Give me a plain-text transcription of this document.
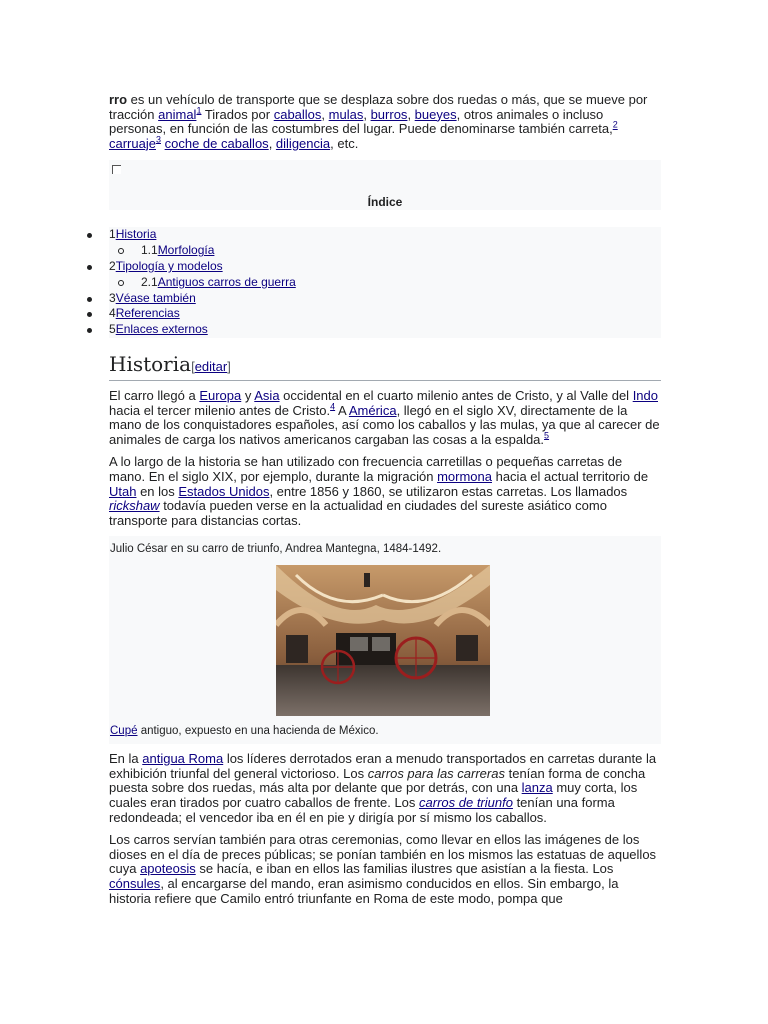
rro es un vehículo de transporte que se desplaza sobre dos ruedas o más, que se mueve por tracción animal$^1$ Tirados por caballos, mulas, burros, bueyes, otros animales o incluso personas, en función de las costumbres del lugar. Puede denominarse también carreta,$^2$
carruaje$^3$ coche de caballos, diligencia, etc.

Índice
1Historia
1.1Morfología
2Tipología y modelos
2.1Antiguos carros de guerra
3Véase también
4Referencias
5Enlaces externos
Historia[editar]

El carro llegó a Europa y Asia occidental en el cuarto milenio antes de Cristo, y al Valle del Indo hacia el tercer milenio antes de Cristo.$^4$ A América, llegó en el siglo XV, directamente de la mano de los conquistadores españoles, así como los caballos y las mulas, ya que al carecer de animales de carga los nativos americanos cargaban las cosas a la espalda.$^5$

A lo largo de la historia se han utilizado con frecuencia carretillas o pequeñas carretas de mano. En el siglo XIX, por ejemplo, durante la migración mormona hacia el actual territorio de Utah en los Estados Unidos, entre 1856 y 1860, se utilizaron estas carretas. Los llamados rickshaw todavía pueden verse en la actualidad en ciudades del sureste asiático como transporte para distancias cortas.

Julio César en su carro de triunfo, Andrea Mantegna, 1484-1492.
Cupé antiguo, expuesto en una hacienda de México.

En la antigua Roma los líderes derrotados eran a menudo transportados en carretas durante la exhibición triunfal del general victorioso. Los carros para las carreras tenían forma de concha puesta sobre dos ruedas, más alta por delante que por detrás, con una lanza muy corta, los cuales eran tirados por cuatro caballos de frente. Los carros de triunfo tenían una forma redondeada; el vencedor iba en él en pie y dirigía por sí mismo los caballos.

Los carros servían también para otras ceremonias, como llevar en ellos las imágenes de los dioses en el día de preces públicas; se ponían también en los mismos las estatuas de aquellos cuya apoteosis se hacía, e iban en ellos las familias ilustres que asistían a la fiesta. Los cónsules, al encargarse del mando, eran asimismo conducidos en ellos. Sin embargo, la historia refiere que Camilo entró triunfante en Roma de este modo, pompa que
